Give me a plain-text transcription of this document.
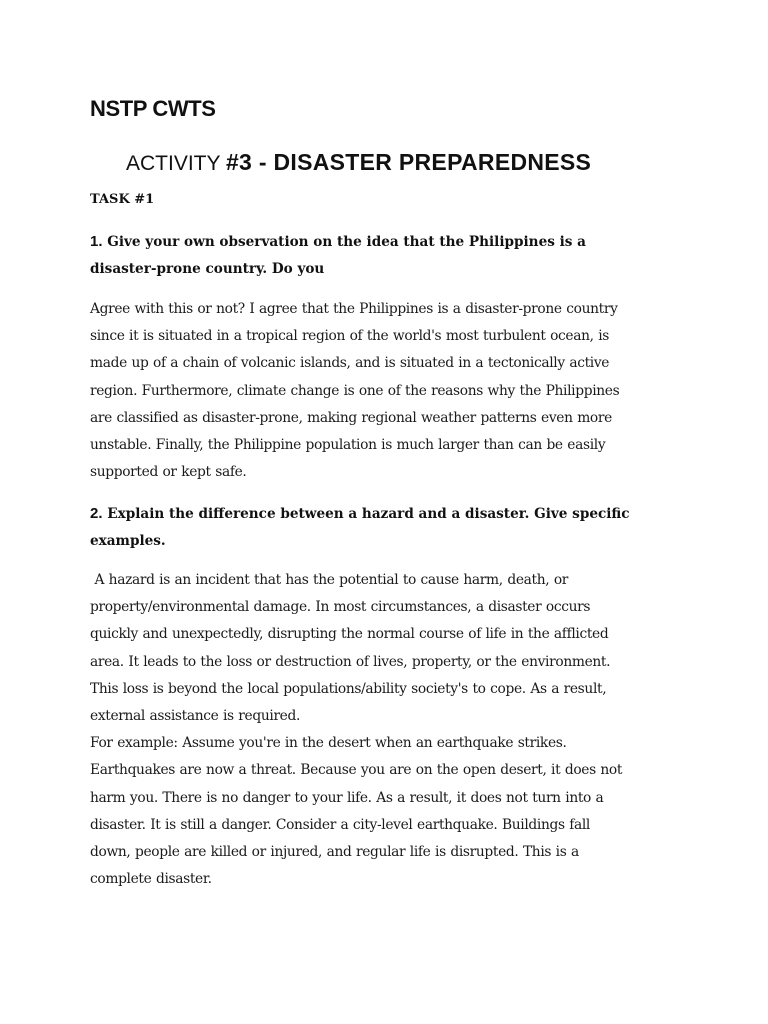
NSTP CWTS
ACTIVITY #3 - DISASTER PREPAREDNESS

TASK #1

1. Give your own observation on the idea that the Philippines is a
disaster-prone country. Do you

Agree with this or not? I agree that the Philippines is a disaster-prone country
since it is situated in a tropical region of the world's most turbulent ocean, is
made up of a chain of volcanic islands, and is situated in a tectonically active
region. Furthermore, climate change is one of the reasons why the Philippines
are classified as disaster-prone, making regional weather patterns even more
unstable. Finally, the Philippine population is much larger than can be easily
supported or kept safe.

2. Explain the difference between a hazard and a disaster. Give specific
examples.

A hazard is an incident that has the potential to cause harm, death, or
property/environmental damage. In most circumstances, a disaster occurs
quickly and unexpectedly, disrupting the normal course of life in the afflicted
area. It leads to the loss or destruction of lives, property, or the environment.
This loss is beyond the local populations/ability society's to cope. As a result,
external assistance is required.
For example: Assume you're in the desert when an earthquake strikes.
Earthquakes are now a threat. Because you are on the open desert, it does not
harm you. There is no danger to your life. As a result, it does not turn into a
disaster. It is still a danger. Consider a city-level earthquake. Buildings fall
down, people are killed or injured, and regular life is disrupted. This is a
complete disaster.
